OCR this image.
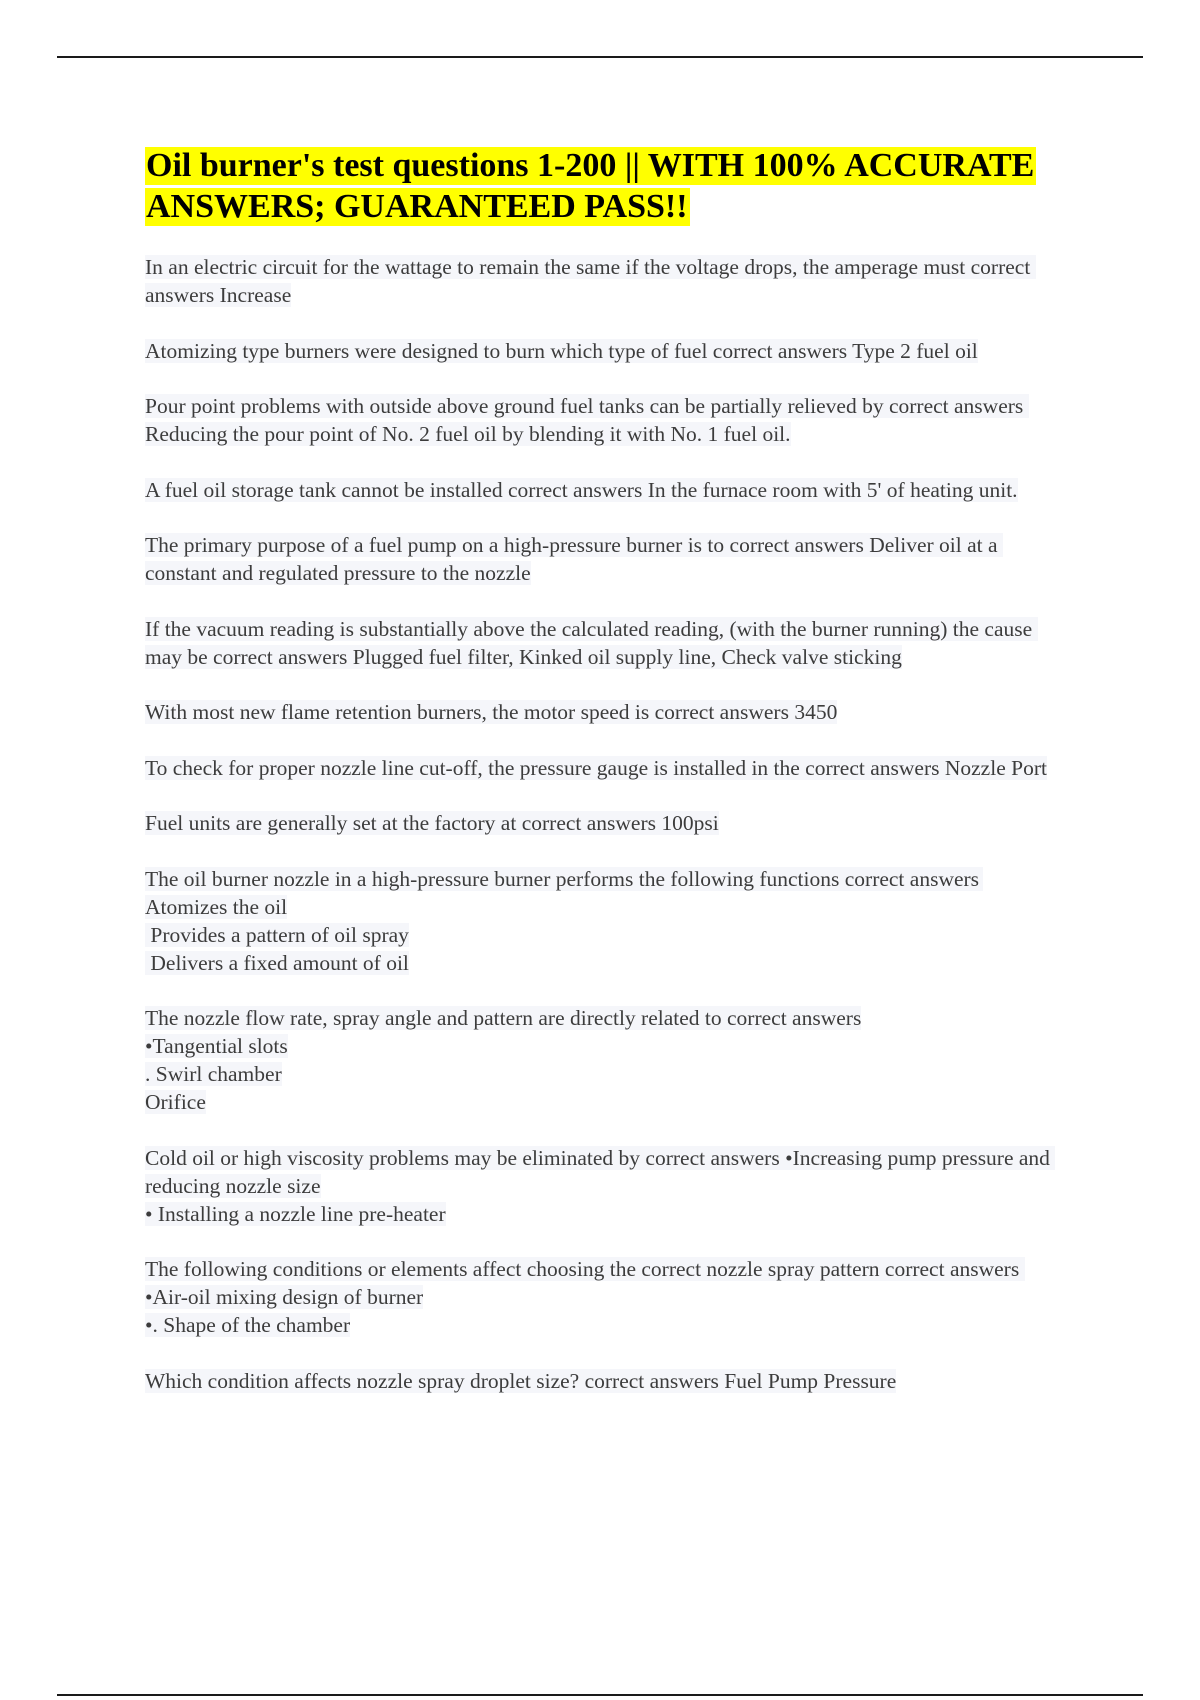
Oil burner's test questions 1-200 || WITH 100% ACCURATE ANSWERS; GUARANTEED PASS!!
In an electric circuit for the wattage to remain the same if the voltage drops, the amperage must correct answers Increase
Atomizing type burners were designed to burn which type of fuel correct answers Type 2 fuel oil
Pour point problems with outside above ground fuel tanks can be partially relieved by correct answers Reducing the pour point of No. 2 fuel oil by blending it with No. 1 fuel oil.
A fuel oil storage tank cannot be installed correct answers In the furnace room with 5' of heating unit.
The primary purpose of a fuel pump on a high-pressure burner is to correct answers Deliver oil at a constant and regulated pressure to the nozzle
If the vacuum reading is substantially above the calculated reading, (with the burner running) the cause may be correct answers Plugged fuel filter, Kinked oil supply line, Check valve sticking
With most new flame retention burners, the motor speed is correct answers 3450
To check for proper nozzle line cut-off, the pressure gauge is installed in the correct answers Nozzle Port
Fuel units are generally set at the factory at correct answers 100psi
The oil burner nozzle in a high-pressure burner performs the following functions correct answers Atomizes the oil
Provides a pattern of oil spray
Delivers a fixed amount of oil
The nozzle flow rate, spray angle and pattern are directly related to correct answers
•Tangential slots
. Swirl chamber
Orifice
Cold oil or high viscosity problems may be eliminated by correct answers •Increasing pump pressure and reducing nozzle size
• Installing a nozzle line pre-heater
The following conditions or elements affect choosing the correct nozzle spray pattern correct answers •Air-oil mixing design of burner
•. Shape of the chamber
Which condition affects nozzle spray droplet size? correct answers Fuel Pump Pressure
